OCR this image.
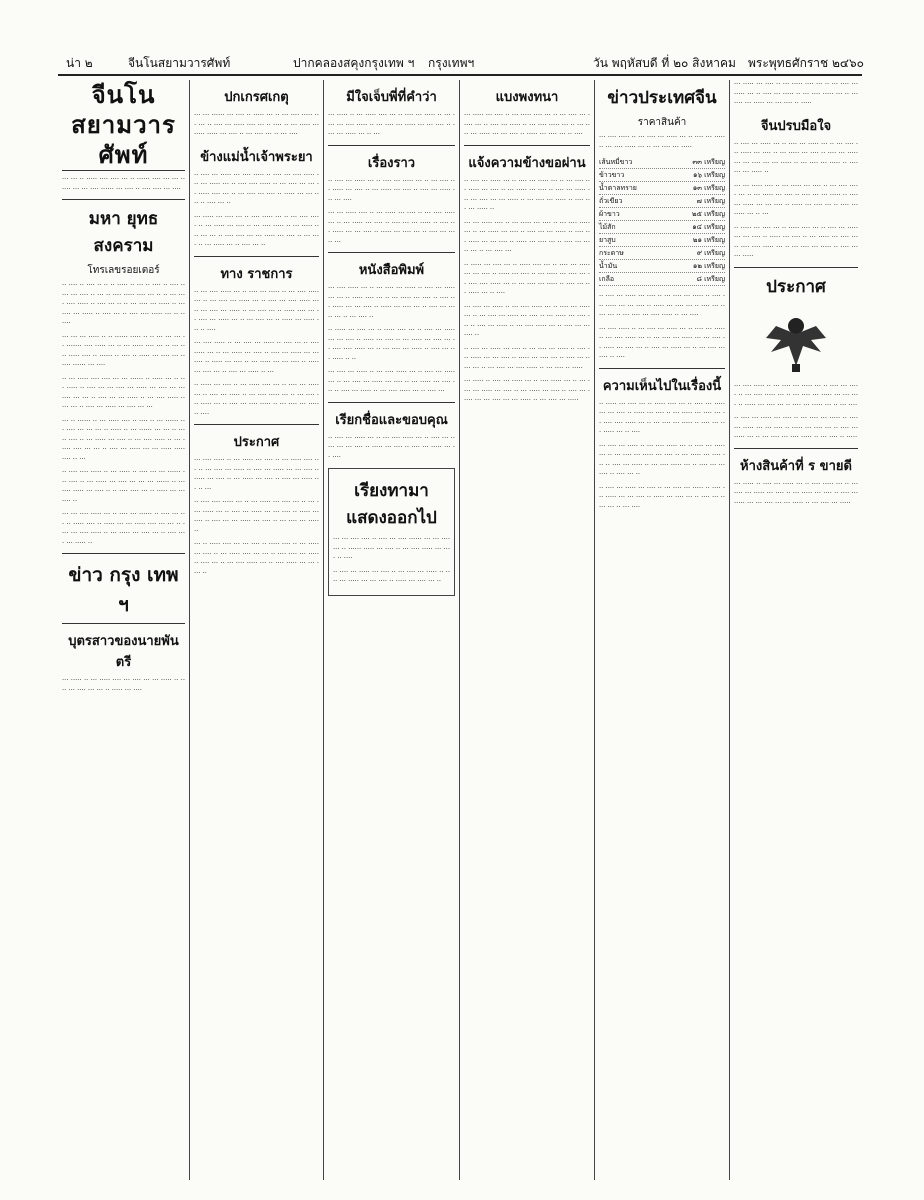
น่า ๒	จีนโนสยามวารศัพท์	ปากคลองสคุงกรุงเทพ ฯ กรุงเทพฯ	วัน พฤหัสบดี ที่ ๒๐ สิงหาคม พระพุทธศักราช ๒๔๖๐
จีนโนสยามวารศัพท์
··· ··· ·· ····· ···· ···· ··· ·· ······ ···· ··· ··· ·· ···· ··· ··· ···· ······ ··· ···· ·· ···· ···· ··· ····
มหา ยุทธสงคราม
โทรเลขรอยเตอร์
·· ···· ·· ···· ·· ·· ·· ····· ·· ··· ·· ···· ·· ···· ····· ··· ···· ·· ··· ·· ···· ····· ···· ··· ·· ·· ··· ···· ···· ····· ·· ···· ··· ·· ·· ··· ···· ··· ····· ·· ··· ···· ··· ····· ·· ···· ··· ·· ···· ···· ····· ··· ·· ·· ····
··· ··· ··· ····· ·· ·· ······ ····· ·· ·· ··· ··· ··· ·· ······· ···· ····· ··· ·· ··· ····· ···· ··· ·· ··· ···· ····· ···· ·· ······ ·· ···· ·· ····· ··· ···· ··· ·· ···· ······ ··· ····
·· ··· ····· ···· ···· ··· ··· ······ ·· ····· ··· ·· ··· ····· ·· ···· ··· ··· ···· ··· ····· ··· ···· ··· ··· ···· ··· ··· ·· ···· ··· ··· ····· ·· ··· ···· ····· ·· ··· ··· ·· ···· ··· ····· ··· ···· ··· ···
··· ·· ······ ·· ··· ····· ···· ·· ···· ·· ··· ······ ··· ···· ··· ··· ··· ·· ····· ·· ··· ······ ··· ··· ·· ····· ···· ·· ··· ····· ··· ···· ·· ··· ···· ····· ·· ··· ····· ···· ··· ··· ·· ···· ··· ····· ··· ··· ····· ····· ···· ·· ···
·· ···· ···· ····· ·· ··· ····· ·· ···· ··· ··· ······ ··· ···· ·· ··· ····· ··· ···· ··· ··· ··· ······ ·· ··· ···· ····· ··· ···· ·· ·· ···· ···· ··· ·· ····· ··· ··· ···· ··
··· ··· ···· ····· ··· ·· ···· ··· ······ ·· ···· ··· ··· ·· ····· ···· ·· ····· ··· ··· ····· ···· ··· ··· ·· ···· ··· ···· ····· ·· ··· ····· ··· ···· ··· ·· ···· ···· ··· ····· ··
ข่าว กรุง เทพ ฯ
บุตรสาวของนายพันตรี
··· ····· ·· ··· ····· ···· ··· ···· ··· ··· ····· ·· ···· ··· ···· ··· ··· ·· ····· ··· ····
ปกเกรศเกตุ
··· ··· ······ ··· ···· ·· ····· ··· ·· ··· ···· ····· ··· ··· ·· ···· ··· ····· ···· ··· ·· ···· ·· ··· ····· ··· ····· ····· ··· ···· ·· ··· ···· ··· ·· ··· ····
ข้างแม่น้ำเจ้าพระยา
·· ···· ··· ····· ··· ···· ····· ·· ···· ··· ···· ····· ··· ··· ····· ··· ·· ···· ···· ····· ·· ··· ···· ··· ··· ·· ····· ···· ··· ·· ··· ···· ··· ···· ·· ····· ··· ··· ···· ·· ···· ··· ··
··· ····· ··· ···· ··· ·· ···· ····· ··· ·· ··· ···· ····· ·· ··· ····· ··· ···· ·· ··· ···· ····· ·· ··· ····· ···· ··· ··· ·· ···· ···· ··· ··· ····· ··· ···· ·· ··· ···· ·· ··· ····· ··· ·· ···· ··· ··
ทาง ราชการ
·· ··· ···· ····· ··· ·· ···· ··· ····· ·· ··· ···· ····· ··· ·· ··· ···· ··· ····· ··· ·· ···· ··· ···· ····· ··· ·· ··· ···· ··· ····· ·· ··· ···· ··· ·· ····· ···· ··· ·· ···· ··· ····· ··· ·· ··· ···· ··· ·· ····· ··· ····· ··· ·· ····
··· ···· ····· ·· ··· ···· ··· ····· ·· ···· ··· ·· ···· ····· ··· ·· ··· ····· ··· ···· ·· ···· ··· ····· ··· ··· ···· ·· ····· ··· ···· ·· ··· ····· ··· ··· ···· ·· ····· ··· ···· ··· ·· ···· ··· ····· ·· ···
·· ····· ··· ···· ·· ··· ····· ···· ··· ·· ···· ··· ····· ··· ·· ···· ··· ····· ·· ··· ···· ····· ··· ·· ··· ···· ··· ····· ··· ·· ···· ··· ···· ····· ·· ··· ···· ··· ····· ·· ····
ประกาศ
··· ···· ····· ·· ··· ····· ··· ···· ·· ··· ····· ···· ··· ·· ··· ···· ··· ····· ·· ···· ··· ····· ··· ··· ···· ·· ····· ··· ···· ·· ··· ····· ··· ···· ·· ···· ··· ····· ··· ·· ···
·· ···· ···· ····· ··· ·· ··· ····· ··· ···· ··· ·· ··· ···· ····· ··· ·· ···· ··· ····· ··· ··· ···· ·· ····· ··· ···· ·· ···· ··· ··· ····· ··· ···· ·· ··· ···· ··· ····· ··
··· ·· ····· ···· ··· ··· ···· ·· ····· ···· ·· ··· ····· ··· ···· ·· ··· ····· ···· ··· ··· ·· ···· ···· ··· ····· ·· ···· ··· ·· ··· ···· ····· ··· ·· ···· ····· ··· ··· ···· ··
มีใจเจ็บพี่ที่คำว่า
··· ····· ·· ··· ····· ···· ··· ·· ···· ··· ····· ·· ··· ···· ··· ···· ····· ·· ··· ···· ··· ····· ··· ··· ···· ·· ···· ··· ····· ··· ·· ···
เรื่องราว
·· ···· ··· ····· ··· ·· ···· ··· ····· ··· ·· ··· ···· ··· ····· ··· ···· ·· ··· ····· ··· ···· ·· ···· ··· ····· ··· ··· ····
··· ··· ····· ···· ·· ··· ····· ··· ···· ·· ··· ···· ····· ··· ·· ··· ····· ··· ···· ·· ···· ··· ··· ····· ·· ···· ··· ····· ··· ··· ···· ·· ····· ··· ···· ··· ·· ···· ··· ····· ···
หนังสือพิมพ์
··· ···· ····· ··· ·· ··· ···· ··· ····· ·· ···· ··· ····· ··· ··· ·· ····· ···· ··· ·· ··· ····· ··· ···· ·· ···· ··· ····· ··· ··· ···· ·· ····· ··· ···· ··· ·· ···· ··· ····· ··· ·· ··· ···· ··
·· ····· ··· ···· ··· ·· ····· ···· ··· ·· ···· ··· ····· ··· ··· ···· ·· ····· ··· ···· ·· ··· ····· ··· ···· ··· ·· ···· ···· ····· ··· ·· ··· ···· ··· ····· ·· ···· ··· ··· ····· ·· ··
··· ···· ··· ····· ·· ··· ···· ····· ··· ·· ···· ··· ····· ··· ·· ··· ···· ··· ····· ··· ···· ·· ··· ····· ··· ···· ··· ·· ···· ··· ····· ·· ··· ···· ····· ··· ·· ···· ···
เรียกชื่อและขอบคุณ
·· ···· ··· ····· ··· ·· ··· ···· ····· ··· ·· ···· ··· ····· ··· ··· ···· ·· ····· ··· ···· ·· ···· ··· ····· ··· ·· ····
เรียงทามาแสดงออกไป
··· ··· ···· ···· ·· ···· ··· ···· ······ ··· ··· ···· ··· ·· ······ ····· ··· ···· ·· ··· ···· ····· ··· ···· ·· ····
·· ···· ··· ····· ··· ···· ·· ··· ···· ··· ····· ·· ···· ··· ····· ··· ··· ···· ·· ····· ··· ···· ··· ··
แบงพงทนา
··· ····· ··· ···· ·· ··· ····· ···· ··· ·· ··· ···· ··· ····· ··· ·· ···· ··· ····· ·· ··· ···· ····· ··· ·· ··· ···· ··· ····· ··· ··· ···· ·· ····· ··· ···· ··· ·· ····
แจ้งความข้างขอผ่าน
·· ···· ··· ····· ··· ·· ···· ··· ····· ··· ·· ··· ···· ··· ····· ··· ···· ·· ··· ····· ··· ···· ·· ···· ··· ····· ··· ··· ···· ··· ··· ····· ·· ··· ···· ··· ····· ·· ···· ··· ··· ····· ··
··· ··· ····· ···· ·· ··· ····· ··· ···· ·· ··· ···· ····· ··· ·· ··· ····· ··· ···· ·· ···· ··· ··· ····· ·· ···· ··· ····· ··· ··· ···· ·· ····· ··· ···· ··· ·· ···· ··· ····· ··· ·· ··· ···· ···
·· ····· ··· ···· ··· ·· ····· ···· ··· ·· ···· ··· ····· ··· ··· ···· ·· ····· ··· ···· ·· ··· ····· ··· ···· ··· ·· ···· ···· ····· ··· ·· ··· ···· ··· ····· ·· ···· ··· ··· ····· ··· ·· ····
··· ···· ··· ····· ·· ··· ···· ····· ··· ·· ···· ··· ····· ··· ·· ··· ···· ··· ····· ··· ···· ·· ··· ····· ··· ···· ··· ·· ···· ··· ····· ·· ··· ···· ····· ··· ·· ···· ··· ··· ···· ··
·· ···· ··· ····· ··· ···· ·· ··· ···· ··· ····· ·· ···· ··· ····· ··· ··· ···· ·· ····· ··· ···· ··· ·· ···· ··· ····· ··· ·· ··· ···· ··· ···· ····· ·· ··· ···· ·· ·····
··· ····· ·· ···· ··· ····· ··· ·· ···· ····· ··· ·· ··· ···· ··· ····· ··· ···· ·· ··· ····· ··· ···· ·· ···· ··· ····· ··· ··· ···· ··· ··· ····· ·· ··· ···· ··· ·····
ข่าวประเทศจีน
ราคาสินค้า
··· ···· ····· ·· ··· ···· ··· ····· ··· ·· ···· ··· ····· ·· ··· ···· ····· ··· ·· ··· ···· ··· ·····
เส้นหมี่ขาว	๓๓ เหรียญ
ข้าวขาว	๑๖ เหรียญ
น้ำตาลทราย	๑๓ เหรียญ
ถั่วเขียว	๗ เหรียญ
ผ้าขาว	๒๕ เหรียญ
ไม้สัก	๑๔ เหรียญ
ยาสูบ	๒๑ เหรียญ
กระดาษ	๙ เหรียญ
น้ำมัน	๑๒ เหรียญ
เกลือ	๘ เหรียญ
·· ···· ··· ····· ··· ···· ·· ··· ···· ··· ····· ·· ···· ··· ····· ··· ··· ···· ·· ····· ··· ···· ··· ·· ···· ··· ····· ··· ·· ··· ···· ··· ···· ····· ·· ··· ····
··· ···· ····· ·· ··· ···· ··· ····· ··· ·· ···· ··· ····· ·· ··· ···· ····· ··· ·· ··· ···· ··· ····· ··· ··· ···· ·· ····· ··· ···· ··· ·· ···· ··· ····· ··· ·· ··· ···· ··· ···· ·· ····
ความเห็นไปในเรื่องนี้
·· ····· ··· ···· ··· ·· ····· ···· ··· ·· ···· ··· ····· ··· ··· ···· ·· ····· ··· ···· ·· ··· ····· ··· ···· ··· ·· ···· ···· ····· ··· ·· ··· ···· ··· ····· ·· ···· ··· ··· ····· ··· ·· ····
··· ···· ··· ····· ·· ··· ···· ····· ··· ·· ···· ··· ····· ··· ·· ··· ···· ··· ····· ··· ···· ·· ··· ····· ··· ···· ··· ·· ···· ··· ····· ·· ··· ···· ····· ··· ·· ···· ··· ··· ···· ·· ···· ··· ··
·· ···· ··· ····· ··· ···· ·· ··· ···· ··· ····· ·· ···· ··· ····· ··· ··· ···· ·· ····· ··· ···· ··· ·· ···· ··· ····· ··· ·· ··· ····
··· ····· ··· ···· ·· ··· ····· ···· ··· ·· ··· ···· ··· ····· ··· ·· ···· ··· ····· ·· ··· ···· ····· ··· ·· ··· ···· ··· ····· ··· ··· ···· ·· ·····
จีนปรบมือใจ
·· ···· ··· ····· ··· ·· ···· ··· ····· ··· ·· ··· ···· ··· ····· ··· ···· ·· ··· ····· ··· ···· ·· ···· ··· ····· ··· ··· ···· ··· ··· ····· ·· ··· ···· ··· ····· ·· ···· ··· ··· ····· ··
··· ··· ····· ···· ·· ··· ····· ··· ···· ·· ··· ···· ····· ··· ·· ··· ····· ··· ···· ·· ···· ··· ··· ····· ·· ···· ··· ····· ··· ··· ···· ·· ····· ··· ···· ··· ·· ···· ··· ····· ··· ·· ···
·· ····· ··· ···· ··· ·· ····· ···· ··· ·· ···· ··· ····· ··· ··· ···· ·· ····· ··· ···· ·· ··· ····· ··· ···· ··· ·· ···· ···· ····· ··· ·· ··· ···· ··· ····· ·· ···· ··· ··· ·····
ประกาศ
··· ···· ····· ·· ··· ···· ··· ····· ··· ·· ···· ··· ····· ·· ··· ···· ····· ··· ·· ··· ···· ··· ····· ··· ··· ···· ·· ····· ··· ···· ··· ·· ···· ··· ····· ··· ·· ··· ····
·· ···· ··· ····· ··· ···· ·· ··· ···· ··· ····· ·· ···· ··· ····· ··· ··· ···· ·· ····· ··· ···· ··· ·· ···· ··· ····· ··· ·· ··· ···· ··· ···· ····· ·· ··· ···· ·· ·····
ห้างสินค้าที่ ร ขายดี
··· ····· ·· ···· ··· ····· ··· ·· ···· ····· ··· ·· ··· ···· ··· ····· ··· ···· ·· ··· ····· ··· ···· ·· ···· ··· ····· ··· ··· ···· ··· ··· ····· ·· ··· ···· ··· ·····
